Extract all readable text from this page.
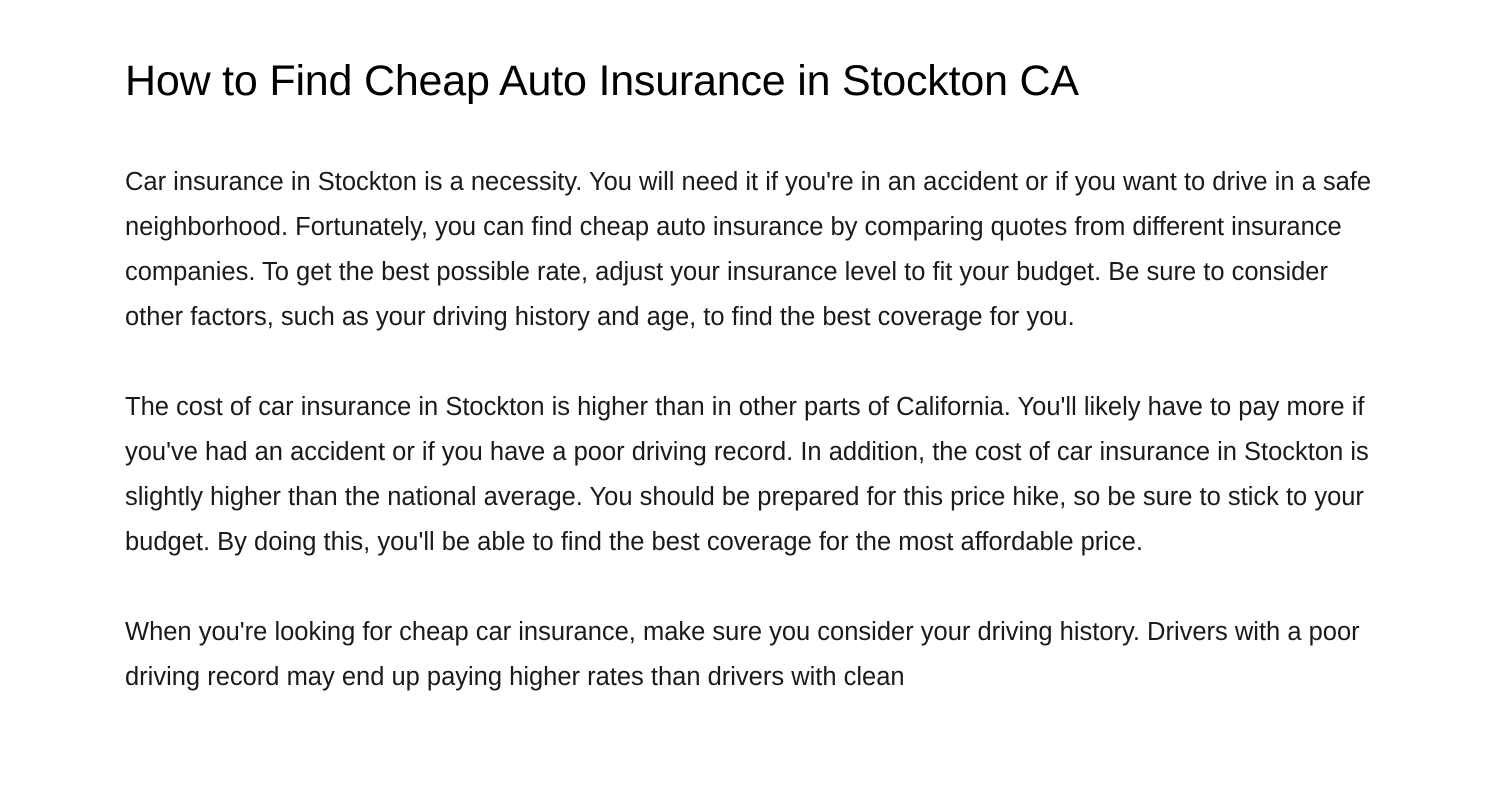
How to Find Cheap Auto Insurance in Stockton CA

Car insurance in Stockton is a necessity. You will need it if you're in an accident or if you want to drive in a safe neighborhood. Fortunately, you can find cheap auto insurance by comparing quotes from different insurance companies. To get the best possible rate, adjust your insurance level to fit your budget. Be sure to consider other factors, such as your driving history and age, to find the best coverage for you.

The cost of car insurance in Stockton is higher than in other parts of California. You'll likely have to pay more if you've had an accident or if you have a poor driving record. In addition, the cost of car insurance in Stockton is slightly higher than the national average. You should be prepared for this price hike, so be sure to stick to your budget. By doing this, you'll be able to find the best coverage for the most affordable price.

When you're looking for cheap car insurance, make sure you consider your driving history. Drivers with a poor driving record may end up paying higher rates than drivers with clean
